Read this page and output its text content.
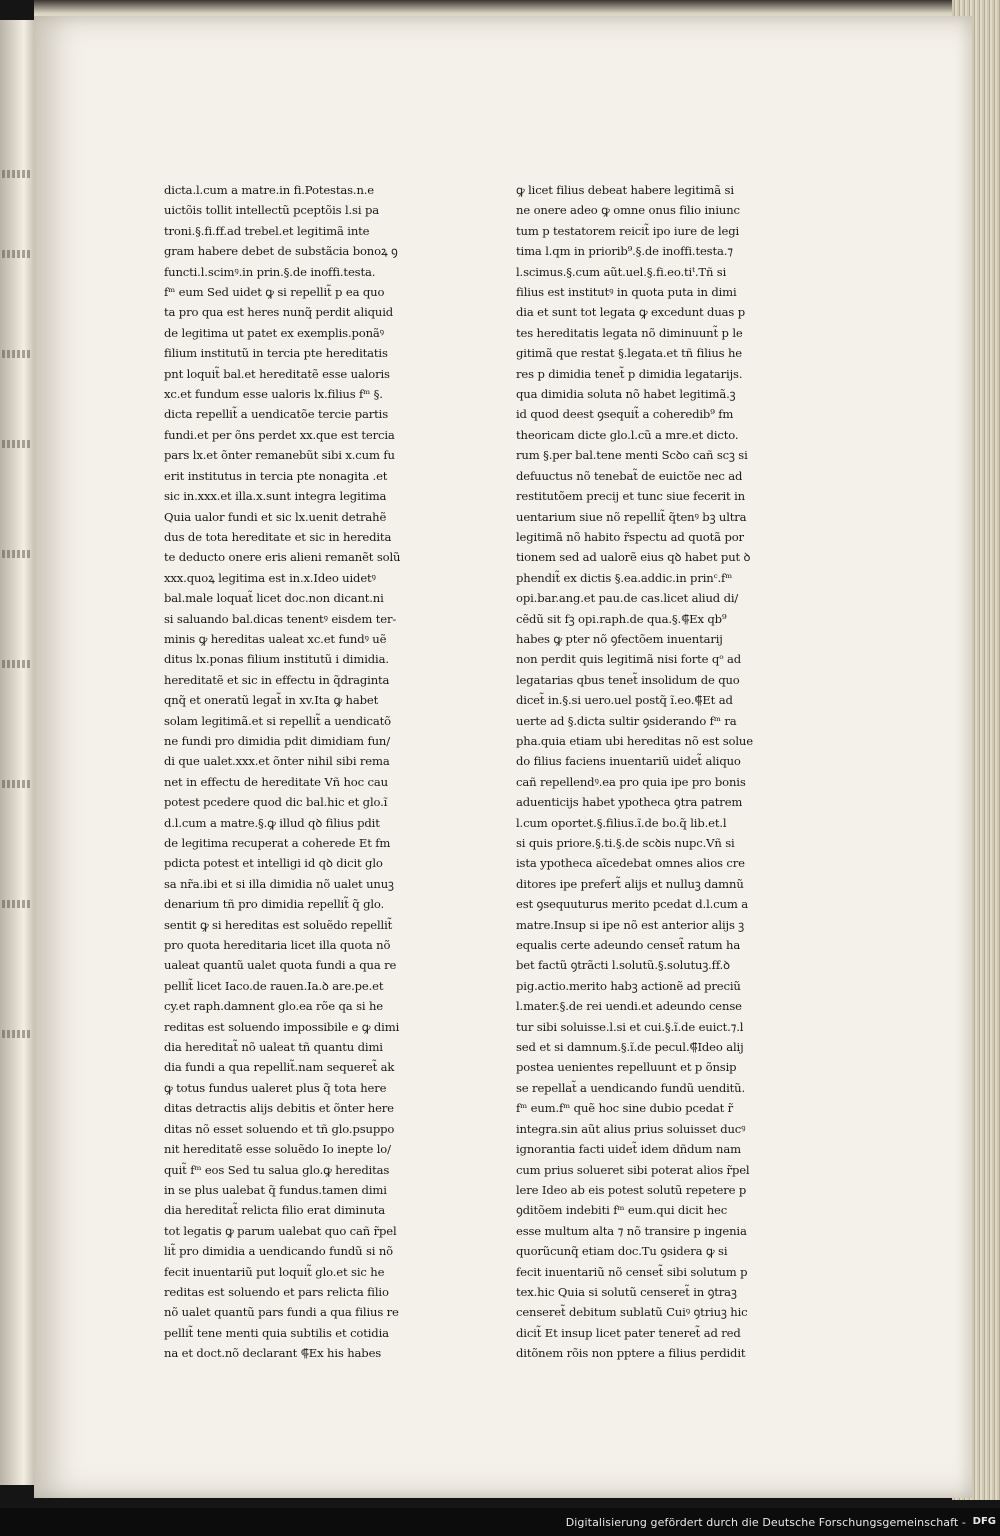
dicta.l.cum a matre.in fi.Potestas.n.e
uictõis tollit intellectũ pceptõis l.si pa
troni.§.fi.ff.ad trebel.et legitimã inte
gram habere debet de substãcia bonoꝝ ꝯ
functi.l.scimꝰ.in prin.§.de inoffi.testa.
fᵐ eum Sed uidet ꝙ si repellit̃ p ea quo
ta pro qua est heres nunq̃ perdit aliquid
de legitima ut patet ex exemplis.ponãꝰ
filium institutũ in tercia pte hereditatis
pnt loquit̃ bal.et hereditatẽ esse ualoris
xc.et fundum esse ualoris lx.filius fᵐ §.
dicta repellit̃ a uendicatõe tercie partis
fundi.et per õns perdet xx.que est tercia
pars lx.et õnter remanebũt sibi x.cum fu
erit institutus in tercia pte nonagita .et
sic in.xxx.et illa.x.sunt integra legitima
Quia ualor fundi et sic lx.uenit detrahẽ
dus de tota hereditate et sic in heredita
te deducto onere eris alieni remanẽt solũ
xxx.quoꝝ legitima est in.x.Ideo uidetꝰ
bal.male loquat̃ licet doc.non dicant.ni
si saluando bal.dicas tenentꝰ eisdem ter-
minis ꝙ hereditas ualeat xc.et fundꝰ uẽ
ditus lx.ponas filium institutũ i dimidia.
hereditatẽ et sic in effectu in q̃draginta
qnq̃ et oneratũ legat̃ in xv.Ita ꝙ habet
solam legitimã.et si repellit̃ a uendicatõ
ne fundi pro dimidia pdit dimidiam fun/
di que ualet.xxx.et õnter nihil sibi rema
net in effectu de hereditate Vñ hoc cau
potest pcedere quod dic bal.hic et glo.ĩ
d.l.cum a matre.§.ꝙ illud qꝺ filius pdit
de legitima recuperat a coherede Et fm
pdicta potest et intelligi id qꝺ dicit glo
sa nr̃a.ibi et si illa dimidia nõ ualet unuꝫ
denarium tñ pro dimidia repellit̃ q̃ glo.
sentit ꝙ si hereditas est soluẽdo repellit̃
pro quota hereditaria licet illa quota nõ
ualeat quantũ ualet quota fundi a qua re
pellit̃ licet Iaco.de rauen.Ia.ꝺ are.pe.et
cy.et raph.damnent glo.ea rõe qa si he
reditas est soluendo impossibile e ꝙ dimi
dia hereditat̃ nõ ualeat tñ quantu dimi
dia fundi a qua repellit̃.nam sequeret̃ ak
ꝙ totus fundus ualeret plus q̃ tota here
ditas detractis alijs debitis et õnter here
ditas nõ esset soluendo et tñ glo.psuppo
nit hereditatẽ esse soluẽdo Io inepte lo/
quit̃ fᵐ eos Sed tu salua glo.ꝙ hereditas
in se plus ualebat q̃ fundus.tamen dimi
dia hereditat̃ relicta filio erat diminuta
tot legatis ꝙ parum ualebat quo cañ r̃pel
lit̃ pro dimidia a uendicando fundũ si nõ
fecit inuentariũ put loquit̃ glo.et sic he
reditas est soluendo et pars relicta filio
nõ ualet quantũ pars fundi a qua filius re
pellit̃ tene menti quia subtilis et cotidia
na et doct.nõ declarant ⸿Ex his habes
ꝙ licet filius debeat habere legitimã si
ne onere adeo ꝙ omne onus filio iniunc
tum p testatorem reicit̃ ipo iure de legi
tima l.qm in priorib⁹.§.de inoffi.testa.⁊
l.scimus.§.cum aũt.uel.§.fi.eo.tiᵗ.Tñ si
filius est institutꝰ in quota puta in dimi
dia et sunt tot legata ꝙ excedunt duas p
tes hereditatis legata nõ diminuunt̃ p le
gitimã que restat §.legata.et tñ filius he
res p dimidia tenet̃ p dimidia legatarijs.
qua dimidia soluta nõ habet legitimã.ꝫ
id quod deest ꝯsequit̃ a coheredib⁹ fm
theoricam dicte glo.l.cũ a mre.et dicto.
rum §.per bal.tene menti Scꝺo cañ scꝫ si
defuuctus nõ tenebat̃ de euictõe nec ad
restitutõem precij et tunc siue fecerit in
uentarium siue nõ repellit̃ q̃tenꝰ bꝫ ultra
legitimã nõ habito r̃spectu ad quotã por
tionem sed ad ualorẽ eius qꝺ habet put ꝺ
phendit̃ ex dictis §.ea.addic.in prinᶜ.fᵐ
opi.bar.ang.et pau.de cas.licet aliud di/
cẽdũ sit fꝫ opi.raph.de qua.§.⸿Ex qb⁹
habes ꝙ pter nõ ꝯfectõem inuentarij
non perdit quis legitimã nisi forte qᵒ ad
legatarias qbus tenet̃ insolidum de quo
dicet̃ in.§.si uero.uel postq̃ ĩ.eo.⸿Et ad
uerte ad §.dicta sultir ꝯsiderando fᵐ ra
pha.quia etiam ubi hereditas nõ est solue
do filius faciens inuentariũ uidet̃ aliquo
cañ repellendꝰ.ea pro quia ipe pro bonis
aduenticijs habet ypotheca ꝯtra patrem
l.cum oportet.§.filius.ĩ.de bo.q̃ lib.et.l
si quis priore.§.ti.§.de scꝺis nupc.Vñ si
ista ypotheca aĩcedebat omnes alios cre
ditores ipe prefert̃ alijs et nulluꝫ damnũ
est ꝯsequuturus merito pcedat d.l.cum a
matre.Insup si ipe nõ est anterior alijs ꝫ
equalis certe adeundo censet̃ ratum ha
bet factũ ꝯtrãcti l.solutũ.§.solutuꝫ.ff.ꝺ
pig.actio.merito habꝫ actionẽ ad preciũ
l.mater.§.de rei uendi.et adeundo cense
tur sibi soluisse.l.si et cui.§.ĩ.de euict.⁊.l
sed et si damnum.§.ĩ.de pecul.⸿Ideo alij
postea uenientes repelluunt et p õnsip
se repellat̃ a uendicando fundũ uenditũ.
fᵐ eum.fᵐ quẽ hoc sine dubio pcedat r̃
integra.sin aũt alius prius soluisset ducꝰ
ignorantia facti uidet̃ idem dñdum nam
cum prius solueret sibi poterat alios r̃pel
lere Ideo ab eis potest solutũ repetere p
ꝯditõem indebiti fᵐ eum.qui dicit hec
esse multum alta ⁊ nõ transire p ingenia
quorũcunq̃ etiam doc.Tu ꝯsidera ꝙ si
fecit inuentariũ nõ censet̃ sibi solutum p
tex.hic Quia si solutũ censeret̃ in ꝯtraꝫ
censeret̃ debitum sublatũ Cuiꝰ ꝯtriuꝫ hic
dicit̃ Et insup licet pater teneret̃ ad red
ditõnem rõis non pptere a filius perdidit
Digitalisierung gefördert durch die Deutsche Forschungsgemeinschaft - DFG
